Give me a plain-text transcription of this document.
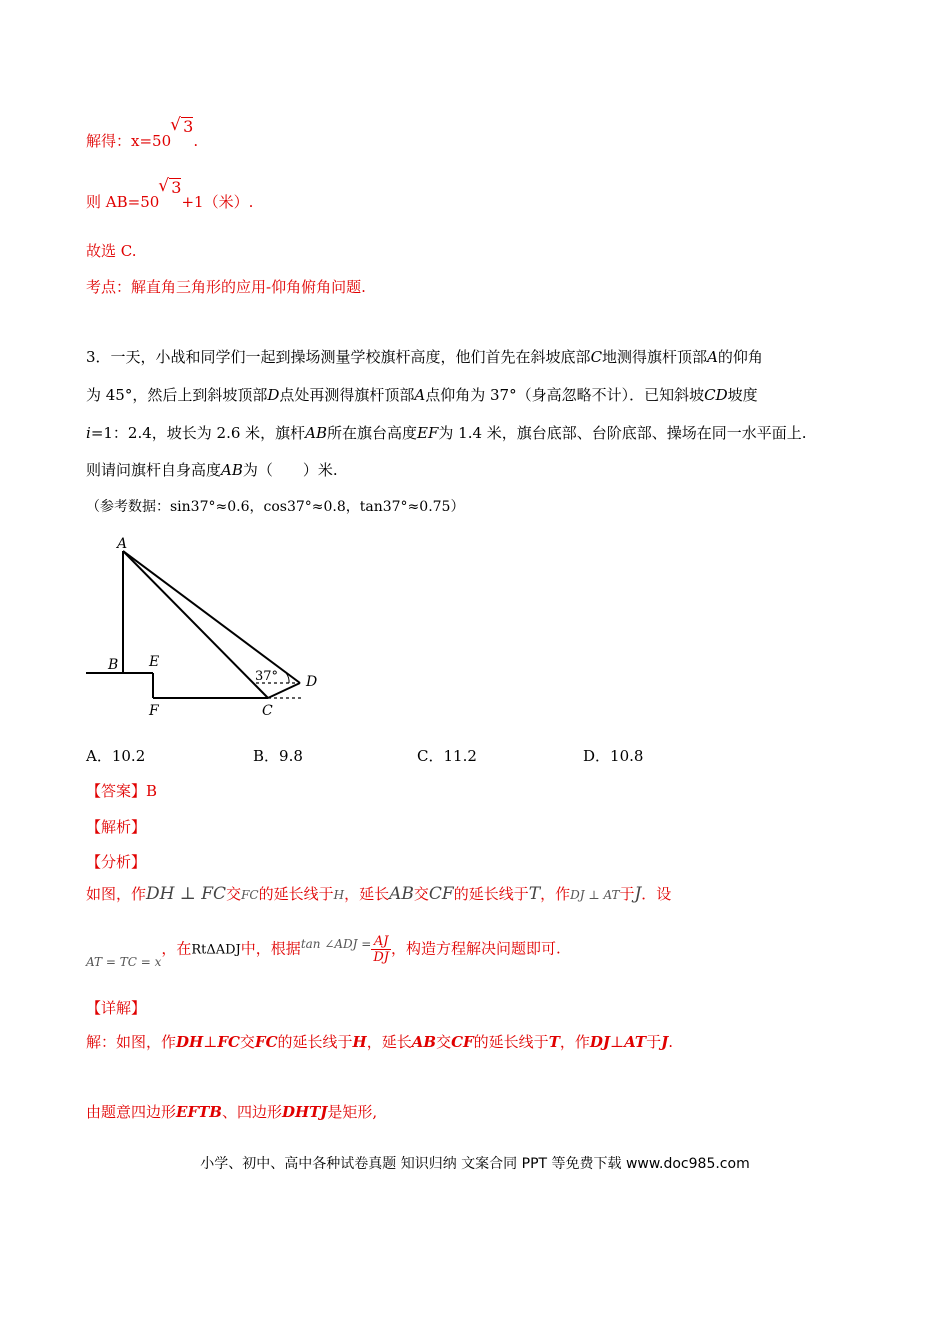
解得：x=50√ 3.
则 AB=50√ 3+1（米）.
故选 C.
考点：解直角三角形的应用-仰角俯角问题.
3．一天，小战和同学们一起到操场测量学校旗杆高度，他们首先在斜坡底部C地测得旗杆顶部A的仰角
为 45°，然后上到斜坡顶部D点处再测得旗杆顶部A点仰角为 37°（身高忽略不计）．已知斜坡CD坡度
i=1：2.4，坡长为 2.6 米，旗杆AB所在旗台高度EF为 1.4 米，旗台底部、台阶底部、操场在同一水平面上.
则请问旗杆自身高度AB为（　　）米.
（参考数据：sin37°≈0.6，cos37°≈0.8，tan37°≈0.75）
A
B E
F	C
D
37°
A．10.2	B．9.8	C．11.2	D．10.8
【答案】B
【解析】
【分析】
如图，作DH ⊥ FC交FC的延长线于H，延长AB交CF的延长线于T，作DJ ⊥ AT于J．设
$_{AT = TC = x}$，在RtΔADJ中，根据$^{tan \angle ADJ =} \frac{AJ}{DJ}$ ，构造方程解决问题即可.
【详解】
解：如图，作DH⊥FC交FC的延长线于H，延长AB交CF的延长线于T，作DJ⊥AT于J.
由题意四边形EFTB、四边形DHTJ是矩形,
小学、初中、高中各种试卷真题 知识归纳 文案合同 PPT 等免费下载 www.doc985.com
